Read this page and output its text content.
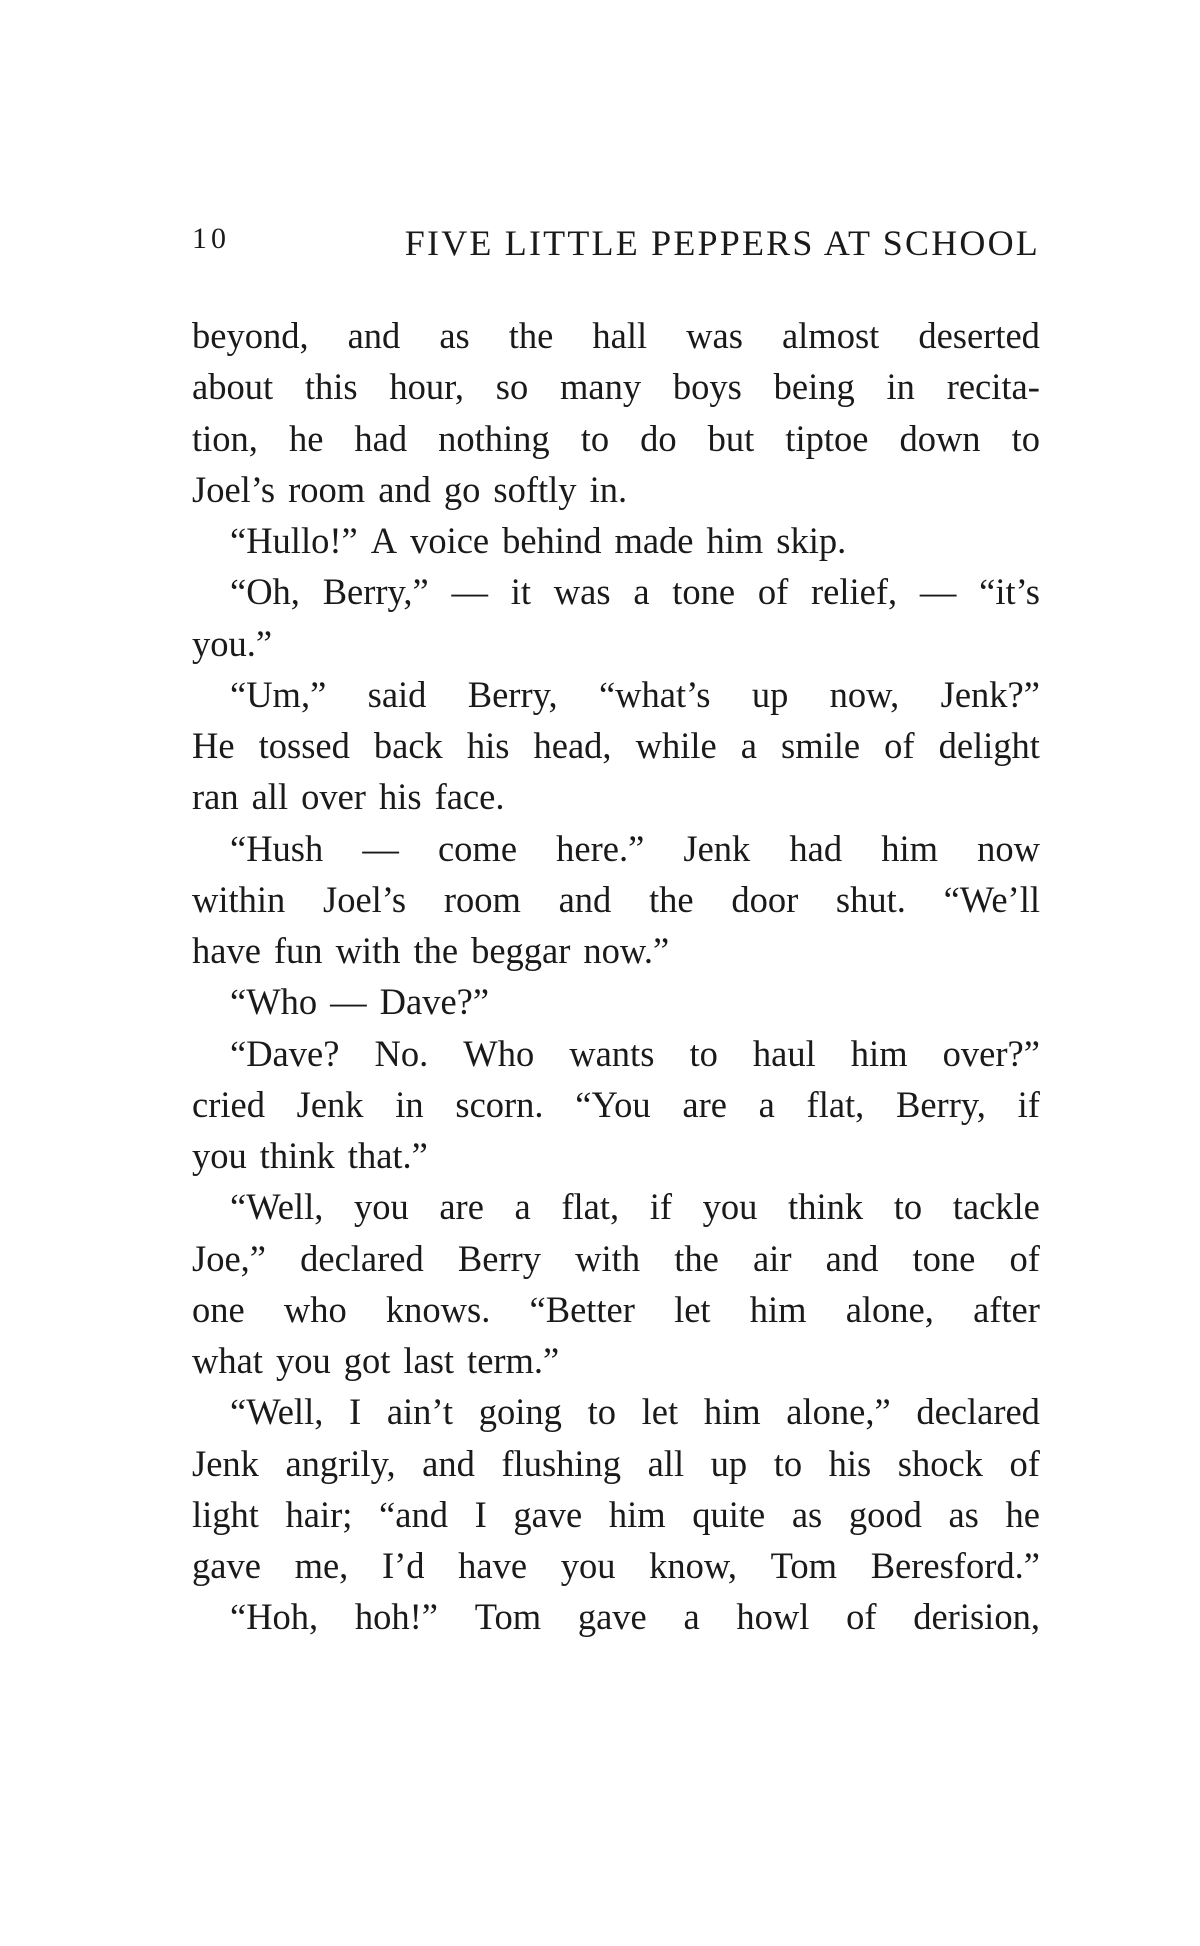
10	FIVE LITTLE PEPPERS AT SCHOOL
beyond, and as the hall was almost deserted
about this hour, so many boys being in recita-
tion, he had nothing to do but tiptoe down to
Joel’s room and go softly in.
“Hullo!” A voice behind made him skip.
“Oh, Berry,” — it was a tone of relief, — “it’s
you.”
“Um,” said Berry, “what’s up now, Jenk?”
He tossed back his head, while a smile of delight
ran all over his face.
“Hush — come here.” Jenk had him now
within Joel’s room and the door shut. “We’ll
have fun with the beggar now.”
“Who — Dave?”
“Dave? No. Who wants to haul him over?”
cried Jenk in scorn. “You are a flat, Berry, if
you think that.”
“Well, you are a flat, if you think to tackle
Joe,” declared Berry with the air and tone of
one who knows. “Better let him alone, after
what you got last term.”
“Well, I ain’t going to let him alone,” declared
Jenk angrily, and flushing all up to his shock of
light hair; “and I gave him quite as good as he
gave me, I’d have you know, Tom Beresford.”
“Hoh, hoh!” Tom gave a howl of derision,
